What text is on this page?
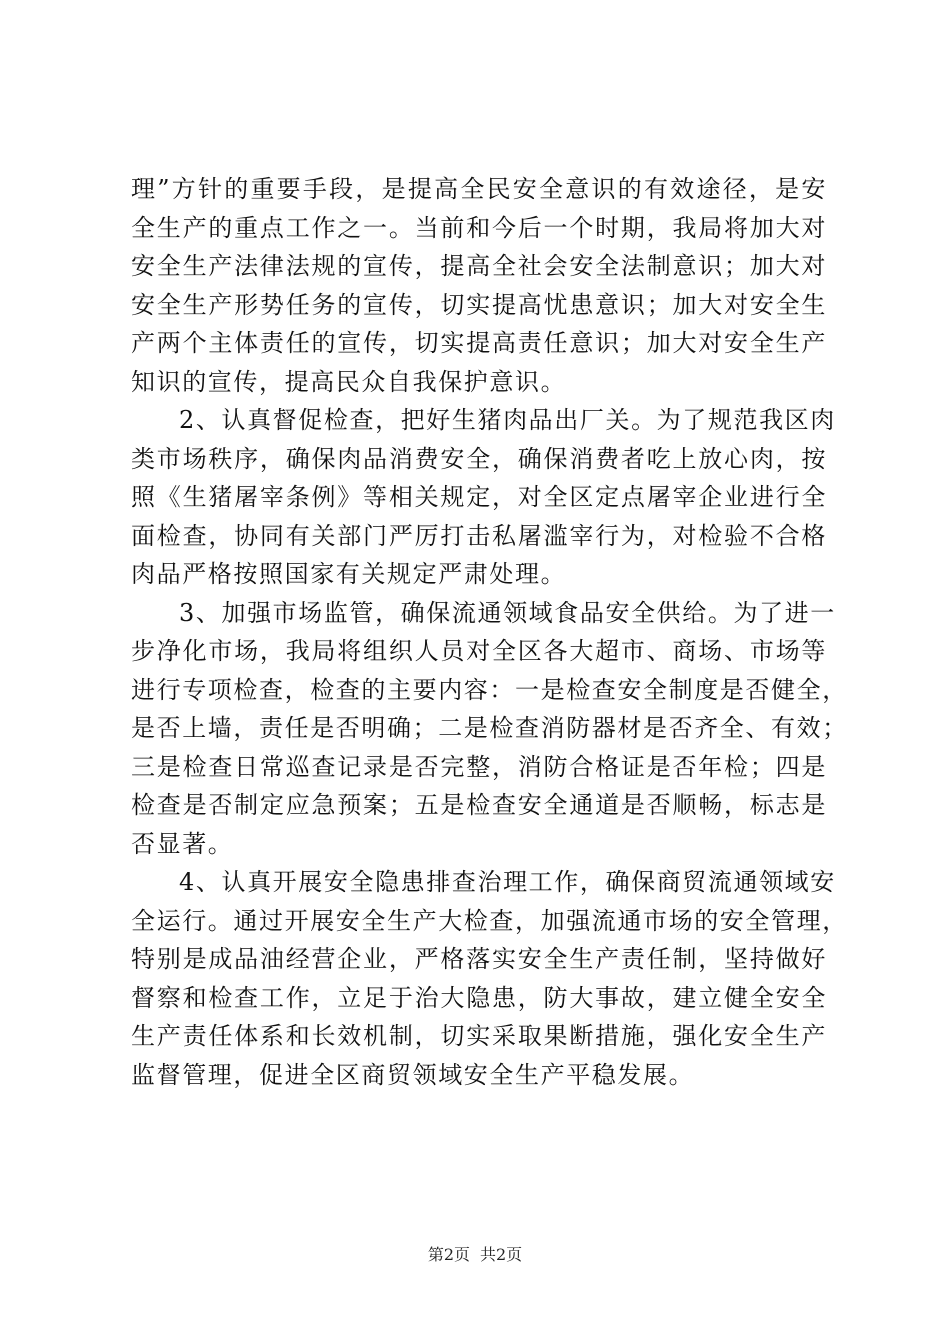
理”方针的重要手段，是提高全民安全意识的有效途径，是安
全生产的重点工作之一。当前和今后一个时期，我局将加大对
安全生产法律法规的宣传，提高全社会安全法制意识；加大对
安全生产形势任务的宣传，切实提高忧患意识；加大对安全生
产两个主体责任的宣传，切实提高责任意识；加大对安全生产
知识的宣传，提高民众自我保护意识。
2、认真督促检查，把好生猪肉品出厂关。为了规范我区肉
类市场秩序，确保肉品消费安全，确保消费者吃上放心肉，按
照《生猪屠宰条例》等相关规定，对全区定点屠宰企业进行全
面检查，协同有关部门严厉打击私屠滥宰行为，对检验不合格
肉品严格按照国家有关规定严肃处理。
3、加强市场监管，确保流通领域食品安全供给。为了进一
步净化市场，我局将组织人员对全区各大超市、商场、市场等
进行专项检查，检查的主要内容：一是检查安全制度是否健全，
是否上墙，责任是否明确；二是检查消防器材是否齐全、有效；
三是检查日常巡查记录是否完整，消防合格证是否年检；四是
检查是否制定应急预案；五是检查安全通道是否顺畅，标志是
否显著。
4、认真开展安全隐患排查治理工作，确保商贸流通领域安
全运行。通过开展安全生产大检查，加强流通市场的安全管理，
特别是成品油经营企业，严格落实安全生产责任制，坚持做好
督察和检查工作，立足于治大隐患，防大事故，建立健全安全
生产责任体系和长效机制，切实采取果断措施，强化安全生产
监督管理，促进全区商贸领域安全生产平稳发展。
第2页 共2页
